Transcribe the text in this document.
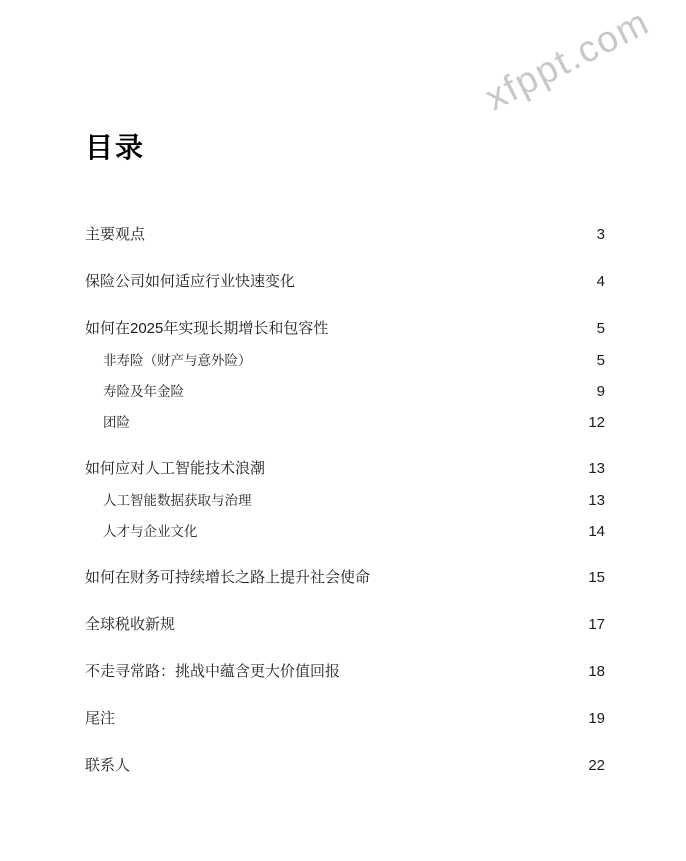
xfppt.com
目录
主要观点	3
保险公司如何适应行业快速变化	4
如何在2025年实现长期增长和包容性	5
非寿险（财产与意外险）	5
寿险及年金险	9
团险	12
如何应对人工智能技术浪潮	13
人工智能数据获取与治理	13
人才与企业文化	14
如何在财务可持续增长之路上提升社会使命	15
全球税收新规	17
不走寻常路：挑战中蕴含更大价值回报	18
尾注	19
联系人	22
